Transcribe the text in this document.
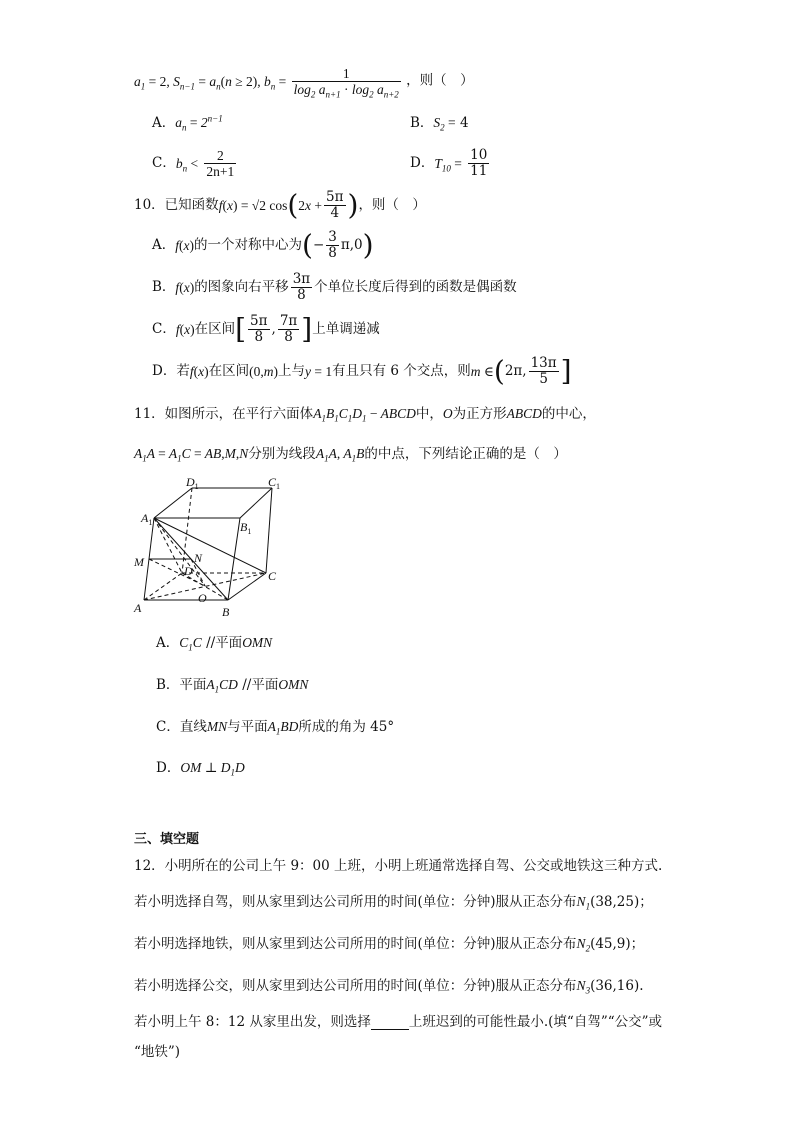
$a_1 = 2$, $S_{n-1} = a_n(n \ge 2)$, $b_n = \frac{1}{\log_2 a_{n+1} \cdot \log_2 a_{n+2}}$ ，则（　）
A．$a_n = 2^{n-1}$	B．$S_2 = 4$
C．$b_n < \frac{2}{2n+1}$	D．$T_{10} = \frac{10}{11}$
10．已知函数f(x) = √2 $\cos(2x + \frac{5\pi}{4}$ )，则（　）
A．f(x)的一个对称中心为(− $\frac{3}{8} \pi,0$)
B．f(x)的图象向右平移 $\frac{3\pi}{8}$ 个单位长度后得到的函数是偶函数
C．f(x)在区间[ $\frac{5\pi}{8}$ , $\frac{7\pi}{8}$ ]上单调递减
D．若f(x)在区间(0,m)上与y = 1有且只有 6 个交点，则m ∈(2π, $\frac{13\pi}{5}$ ]
11．如图所示，在平行六面体$A_1B_1C_1D_1$ − ABCD中，O为正方形ABCD的中心，
$A_1A = A_1C = AB,M,N$分别为线段$A_1A$, $A_1B$的中点，下列结论正确的是（　）
$D_1$	$C_1$
$A_1$	$B_1$
M	N
D	C
A	B
O
A．$C_1C$ //平面OMN
B．平面$A_1CD$ //平面OMN
C．直线MN与平面$A_1BD$所成的角为 45°
D．OM ⊥ $D_1D$
三、填空题
12．小明所在的公司上午 9：00 上班，小明上班通常选择自驾、公交或地铁这三种方式.
若小明选择自驾，则从家里到达公司所用的时间(单位：分钟)服从正态分布$N_1(38,25)$；
若小明选择地铁，则从家里到达公司所用的时间(单位：分钟)服从正态分布$N_2(45,9)$；
若小明选择公交，则从家里到达公司所用的时间(单位：分钟)服从正态分布$N_3(36,16)$.
若小明上午 8：12 从家里出发，则选择	上班迟到的可能性最小.(填“自驾”“公交”或
“地铁”)
